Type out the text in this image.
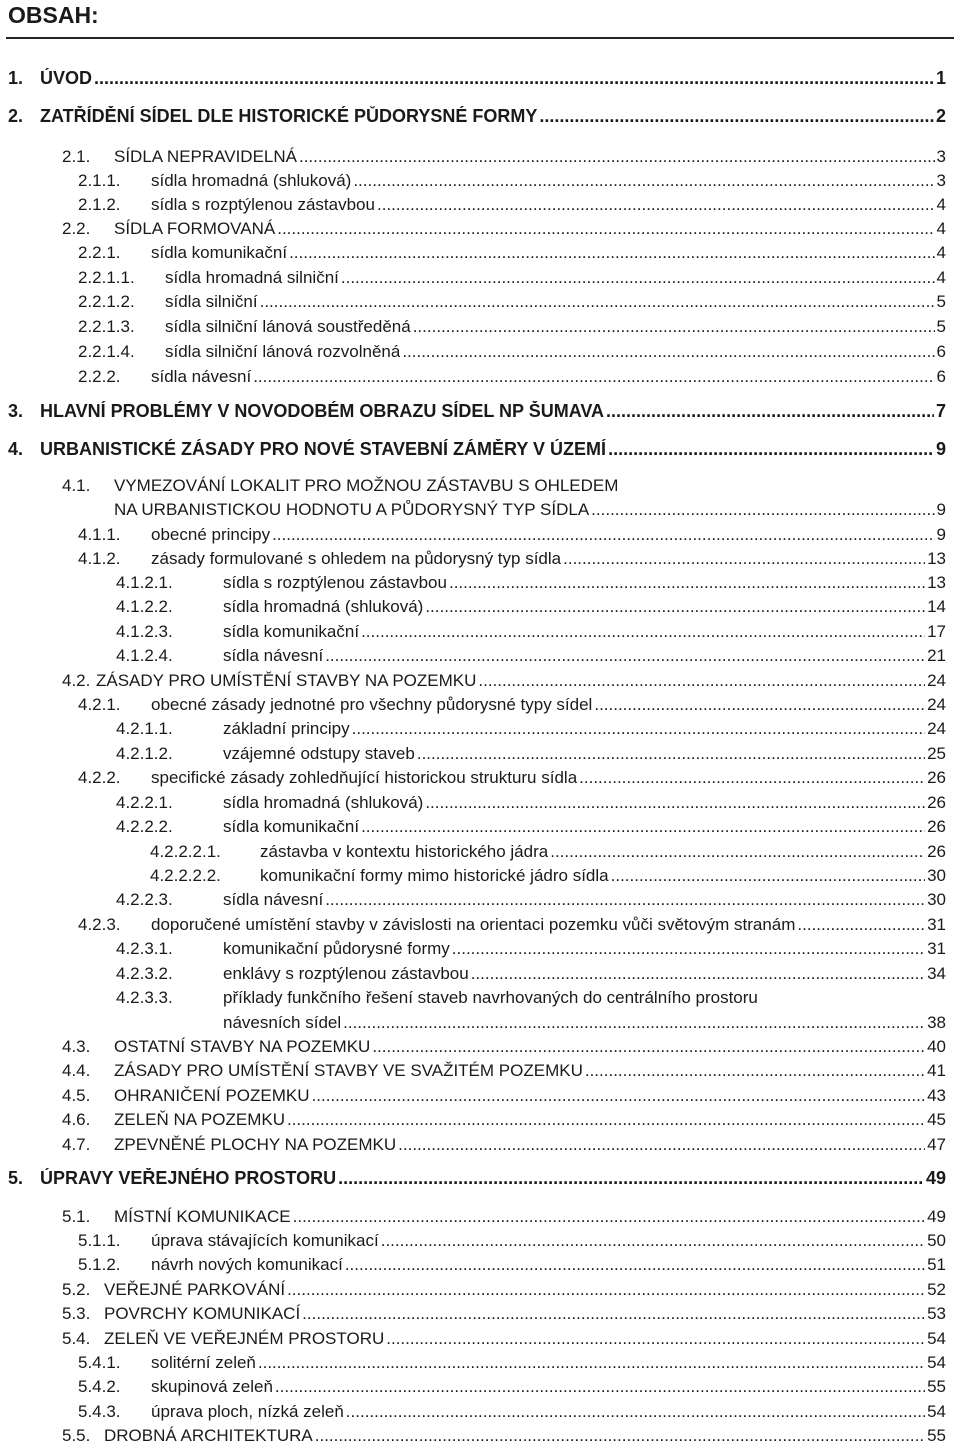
OBSAH:
1. ÚVOD .....	1
2. ZATŘÍDĚNÍ SÍDEL DLE HISTORICKÉ PŮDORYSNÉ FORMY .....	2
2.1. SÍDLA NEPRAVIDELNÁ .....	3
2.1.1. sídla hromadná (shluková) .....	3
2.1.2. sídla s rozptýlenou zástavbou .....	4
2.2. SÍDLA FORMOVANÁ .....	4
2.2.1. sídla komunikační .....	4
2.2.1.1. sídla hromadná silniční .....	4
2.2.1.2. sídla silniční .....	5
2.2.1.3. sídla silniční lánová soustředěná .....	5
2.2.1.4. sídla silniční lánová rozvolněná .....	6
2.2.2. sídla návesní .....	6
3. HLAVNÍ PROBLÉMY V NOVODOBÉM OBRAZU SÍDEL NP ŠUMAVA .....	7
4. URBANISTICKÉ ZÁSADY PRO NOVÉ STAVEBNÍ ZÁMĚRY V ÚZEMÍ .....	9
4.1. VYMEZOVÁNÍ LOKALIT PRO MOŽNOU ZÁSTAVBU S OHLEDEM
NA URBANISTICKOU HODNOTU A PŮDORYSNÝ TYP SÍDLA .....	9
4.1.1. obecné principy .....	9
4.1.2. zásady formulované s ohledem na půdorysný typ sídla .....	13
4.1.2.1.	sídla s rozptýlenou zástavbou .....	13
4.1.2.2.	sídla hromadná (shluková) .....	14
4.1.2.3.	sídla komunikační .....	17
4.1.2.4.	sídla návesní .....	21
4.2. ZÁSADY PRO UMÍSTĚNÍ STAVBY NA POZEMKU .....	24
4.2.1. obecné zásady jednotné pro všechny půdorysné typy sídel .....	24
4.2.1.1.	základní principy .....	24
4.2.1.2.	vzájemné odstupy staveb .....	25
4.2.2. specifické zásady zohledňující historickou strukturu sídla .....	26
4.2.2.1.	sídla hromadná (shluková) .....	26
4.2.2.2.	sídla komunikační .....	26
4.2.2.2.1. zástavba v kontextu historického jádra .....	26
4.2.2.2.2. komunikační formy mimo historické jádro sídla .....	30
4.2.2.3.	sídla návesní .....	30
4.2.3. doporučené umístění stavby v závislosti na orientaci pozemku vůči světovým stranám .....	31
4.2.3.1.	komunikační půdorysné formy .....	31
4.2.3.2.	enklávy s rozptýlenou zástavbou .....	34
4.2.3.3.	příklady funkčního řešení staveb navrhovaných do centrálního prostoru
návesních sídel .....	38
4.3. OSTATNÍ STAVBY NA POZEMKU .....	40
4.4. ZÁSADY PRO UMÍSTĚNÍ STAVBY VE SVAŽITÉM POZEMKU .....	41
4.5. OHRANIČENÍ POZEMKU .....	43
4.6. ZELEŇ NA POZEMKU .....	45
4.7. ZPEVNĚNÉ PLOCHY NA POZEMKU .....	47
5. ÚPRAVY VEŘEJNÉHO PROSTORU .....	49
5.1. MÍSTNÍ KOMUNIKACE .....	49
5.1.1. úprava stávajících komunikací .....	50
5.1.2. návrh nových komunikací .....	51
5.2. VEŘEJNÉ PARKOVÁNÍ .....	52
5.3. POVRCHY KOMUNIKACÍ .....	53
5.4. ZELEŇ VE VEŘEJNÉM PROSTORU .....	54
5.4.1. solitérní zeleň .....	54
5.4.2. skupinová zeleň .....	55
5.4.3. úprava ploch, nízká zeleň .....	54
5.5. DROBNÁ ARCHITEKTURA .....	55
